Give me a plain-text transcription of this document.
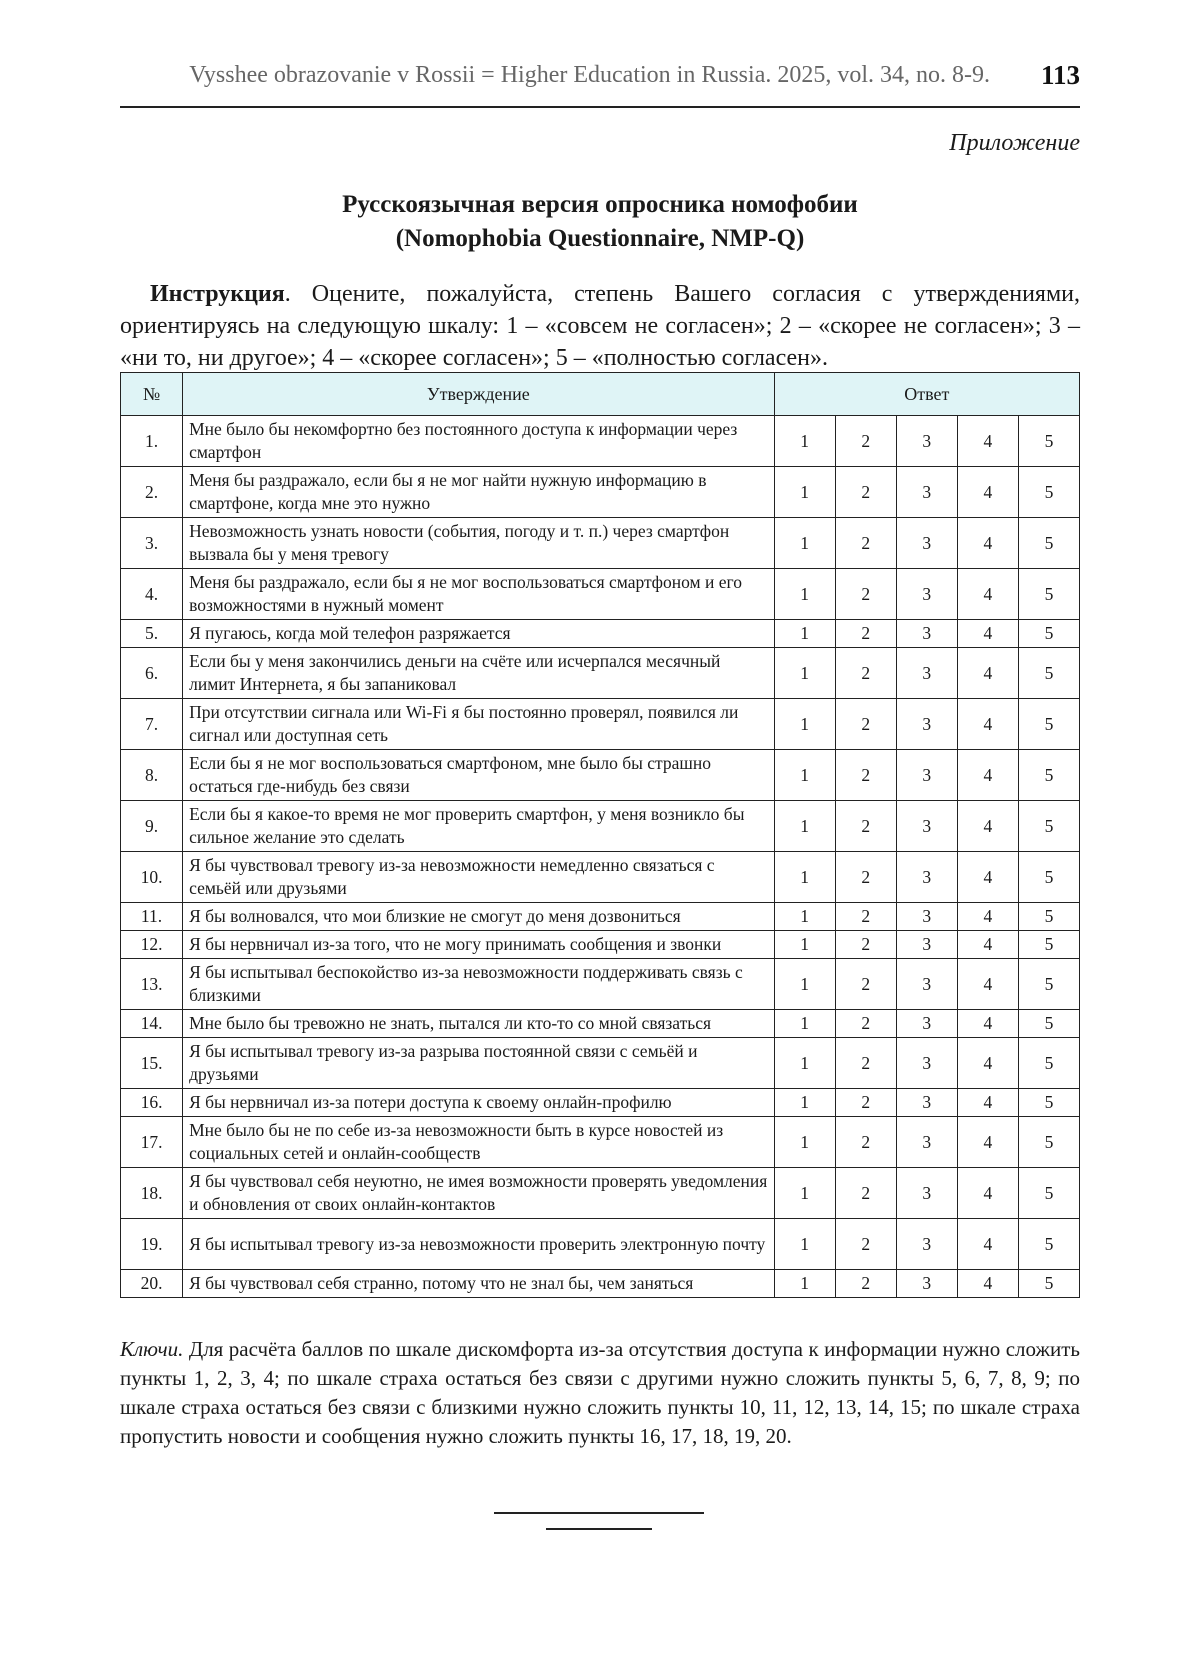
Vysshee obrazovanie v Rossii = Higher Education in Russia. 2025, vol. 34, no. 8-9. 113
Приложение
Русскоязычная версия опросника номофобии
(Nomophobia Questionnaire, NMP-Q)
Инструкция. Оцените, пожалуйста, степень Вашего согласия с утверждениями, ориентируясь на следующую шкалу: 1 – «совсем не согласен»; 2 – «скорее не согласен»; 3 – «ни то, ни другое»; 4 – «скорее согласен»; 5 – «полностью согласен».
№	Утверждение	Ответ				
1.	Мне было бы некомфортно без постоянного доступа к информации через смартфон	1	2	3	4	5
2.	Меня бы раздражало, если бы я не мог найти нужную информацию в смартфоне, когда мне это нужно	1	2	3	4	5
3.	Невозможность узнать новости (события, погоду и т. п.) через смартфон вызвала бы у меня тревогу	1	2	3	4	5
4.	Меня бы раздражало, если бы я не мог воспользоваться смартфоном и его возможностями в нужный момент	1	2	3	4	5
5.	Я пугаюсь, когда мой телефон разряжается	1	2	3	4	5
6.	Если бы у меня закончились деньги на счёте или исчерпался месячный лимит Интернета, я бы запаниковал	1	2	3	4	5
7.	При отсутствии сигнала или Wi-Fi я бы постоянно проверял, появился ли сигнал или доступная сеть	1	2	3	4	5
8.	Если бы я не мог воспользоваться смартфоном, мне было бы страшно остаться где-нибудь без связи	1	2	3	4	5
9.	Если бы я какое-то время не мог проверить смартфон, у меня возникло бы сильное желание это сделать	1	2	3	4	5
10.	Я бы чувствовал тревогу из-за невозможности немедленно связаться с семьёй или друзьями	1	2	3	4	5
11.	Я бы волновался, что мои близкие не смогут до меня дозвониться	1	2	3	4	5
12.	Я бы нервничал из-за того, что не могу принимать сообщения и звонки	1	2	3	4	5
13.	Я бы испытывал беспокойство из-за невозможности поддерживать связь с близкими	1	2	3	4	5
14.	Мне было бы тревожно не знать, пытался ли кто-то со мной связаться	1	2	3	4	5
15.	Я бы испытывал тревогу из-за разрыва постоянной связи с семьёй и друзьями	1	2	3	4	5
16.	Я бы нервничал из-за потери доступа к своему онлайн-профилю	1	2	3	4	5
17.	Мне было бы не по себе из-за невозможности быть в курсе новостей из социальных сетей и онлайн-сообществ	1	2	3	4	5
18.	Я бы чувствовал себя неуютно, не имея возможности проверять уведомления и обновления от своих онлайн-контактов	1	2	3	4	5
19.	Я бы испытывал тревогу из-за невозможности проверить электронную почту	1	2	3	4	5
20.	Я бы чувствовал себя странно, потому что не знал бы, чем заняться	1	2	3	4	5
Ключи. Для расчёта баллов по шкале дискомфорта из-за отсутствия доступа к информации нужно сложить пункты 1, 2, 3, 4; по шкале страха остаться без связи с другими нужно сложить пункты 5, 6, 7, 8, 9; по шкале страха остаться без связи с близкими нужно сложить пункты 10, 11, 12, 13, 14, 15; по шкале страха пропустить новости и сообщения нужно сложить пункты 16, 17, 18, 19, 20.
